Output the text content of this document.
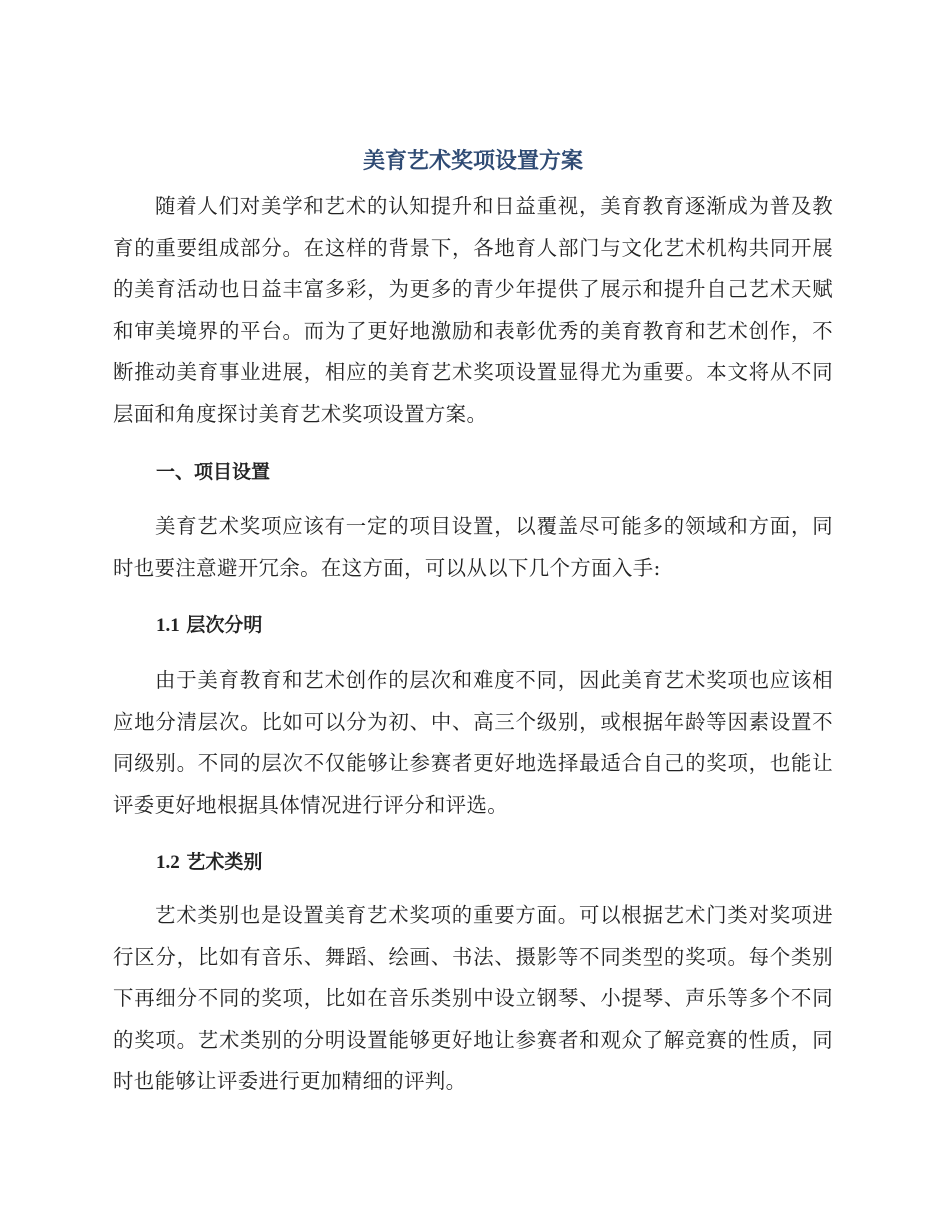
美育艺术奖项设置方案

随着人们对美学和艺术的认知提升和日益重视，美育教育逐渐成为普及教育的重要组成部分。在这样的背景下，各地育人部门与文化艺术机构共同开展的美育活动也日益丰富多彩，为更多的青少年提供了展示和提升自己艺术天赋和审美境界的平台。而为了更好地激励和表彰优秀的美育教育和艺术创作，不断推动美育事业进展，相应的美育艺术奖项设置显得尤为重要。本文将从不同层面和角度探讨美育艺术奖项设置方案。

一、项目设置

美育艺术奖项应该有一定的项目设置，以覆盖尽可能多的领域和方面，同时也要注意避开冗余。在这方面，可以从以下几个方面入手:

1.1 层次分明

由于美育教育和艺术创作的层次和难度不同，因此美育艺术奖项也应该相应地分清层次。比如可以分为初、中、高三个级别，或根据年龄等因素设置不同级别。不同的层次不仅能够让参赛者更好地选择最适合自己的奖项，也能让评委更好地根据具体情况进行评分和评选。

1.2 艺术类别

艺术类别也是设置美育艺术奖项的重要方面。可以根据艺术门类对奖项进行区分，比如有音乐、舞蹈、绘画、书法、摄影等不同类型的奖项。每个类别下再细分不同的奖项，比如在音乐类别中设立钢琴、小提琴、声乐等多个不同的奖项。艺术类别的分明设置能够更好地让参赛者和观众了解竞赛的性质，同时也能够让评委进行更加精细的评判。
